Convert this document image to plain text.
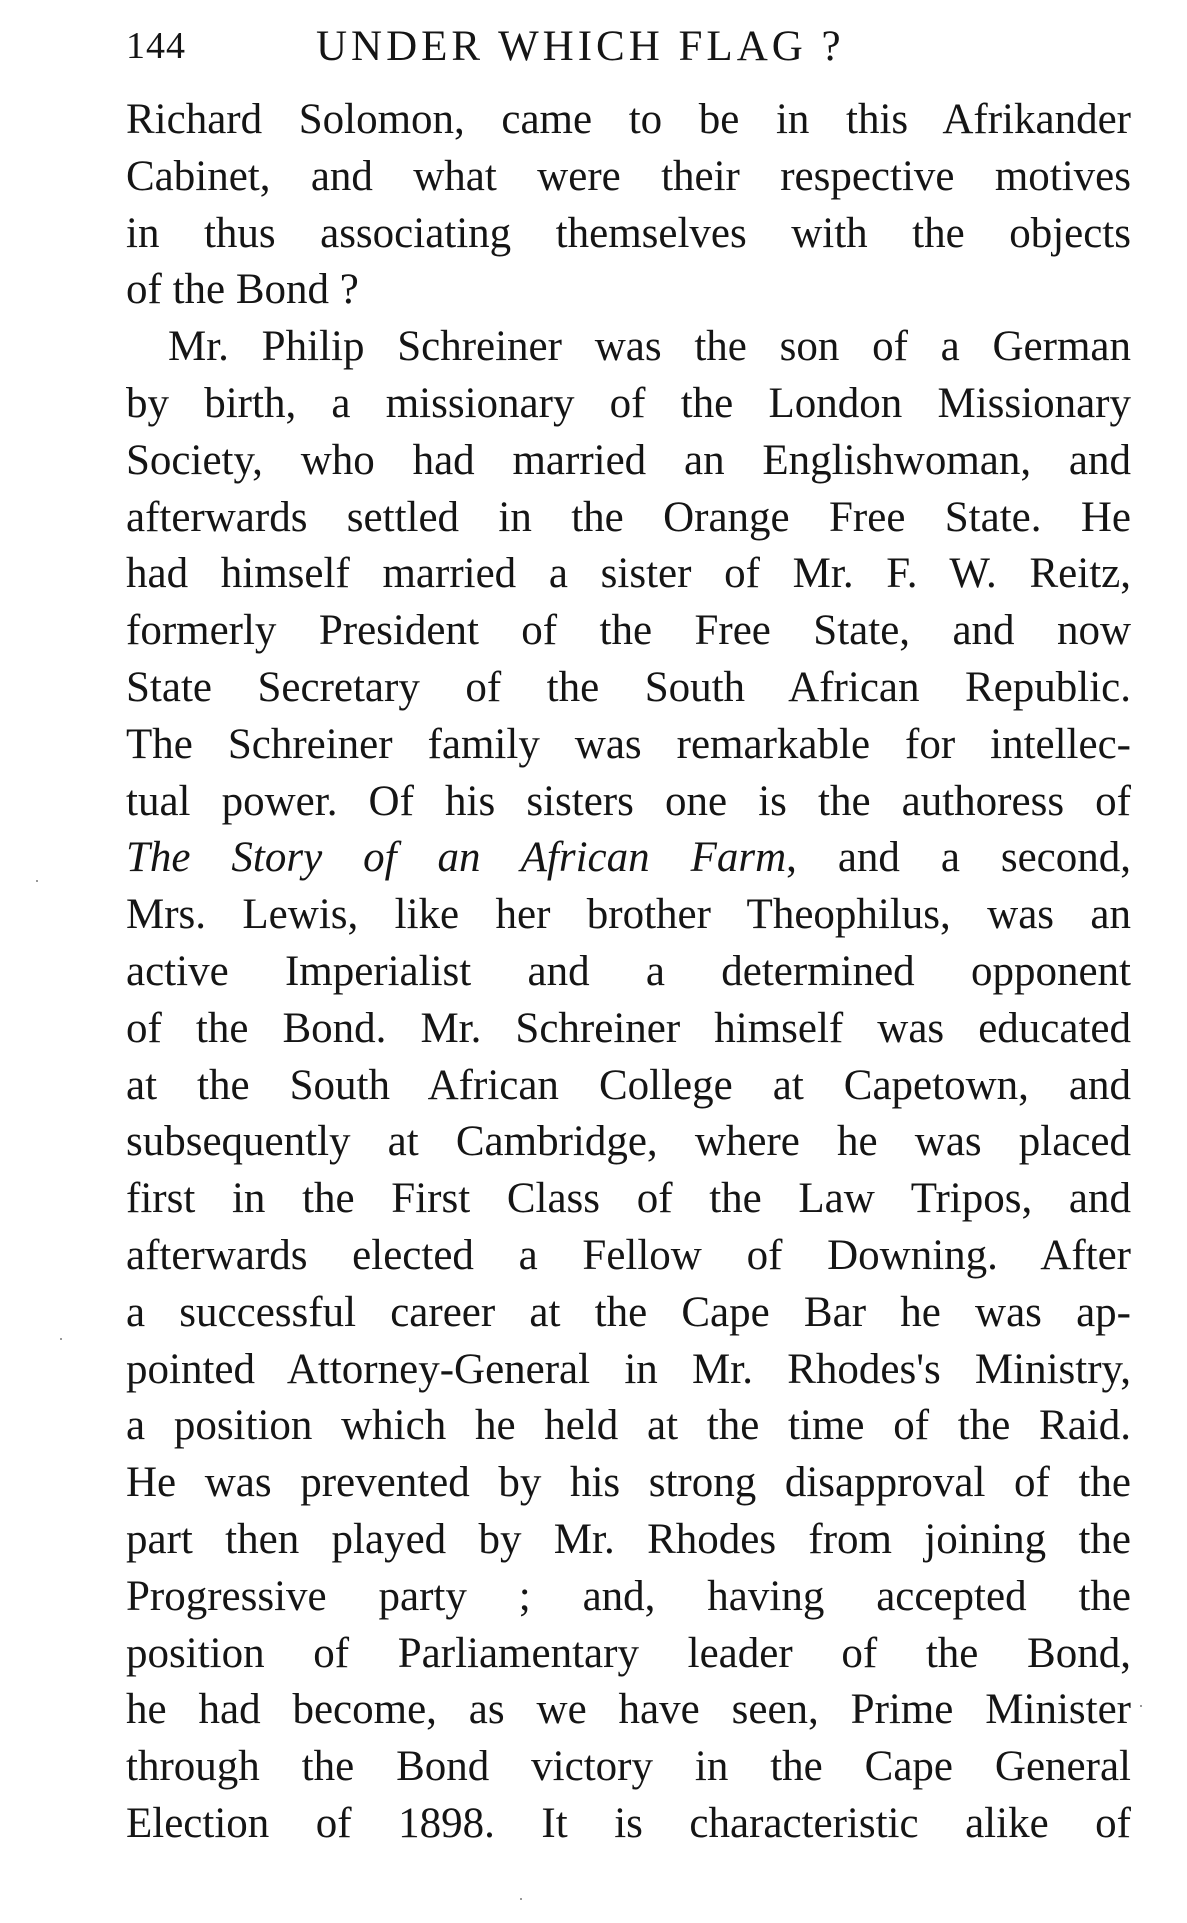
144	UNDER WHICH FLAG ?
Richard Solomon, came to be in this Afrikander
Cabinet, and what were their respective motives
in thus associating themselves with the objects
of the Bond ?
Mr. Philip Schreiner was the son of a German
by birth, a missionary of the London Missionary
Society, who had married an Englishwoman, and
afterwards settled in the Orange Free State. He
had himself married a sister of Mr. F. W. Reitz,
formerly President of the Free State, and now
State Secretary of the South African Republic.
The Schreiner family was remarkable for intellec-
tual power. Of his sisters one is the authoress of
The Story of an African Farm, and a second,
Mrs. Lewis, like her brother Theophilus, was an
active Imperialist and a determined opponent
of the Bond. Mr. Schreiner himself was educated
at the South African College at Capetown, and
subsequently at Cambridge, where he was placed
first in the First Class of the Law Tripos, and
afterwards elected a Fellow of Downing. After
a successful career at the Cape Bar he was ap-
pointed Attorney-General in Mr. Rhodes's Ministry,
a position which he held at the time of the Raid.
He was prevented by his strong disapproval of the
part then played by Mr. Rhodes from joining the
Progressive party ; and, having accepted the
position of Parliamentary leader of the Bond,
he had become, as we have seen, Prime Minister
through the Bond victory in the Cape General
Election of 1898. It is characteristic alike of
